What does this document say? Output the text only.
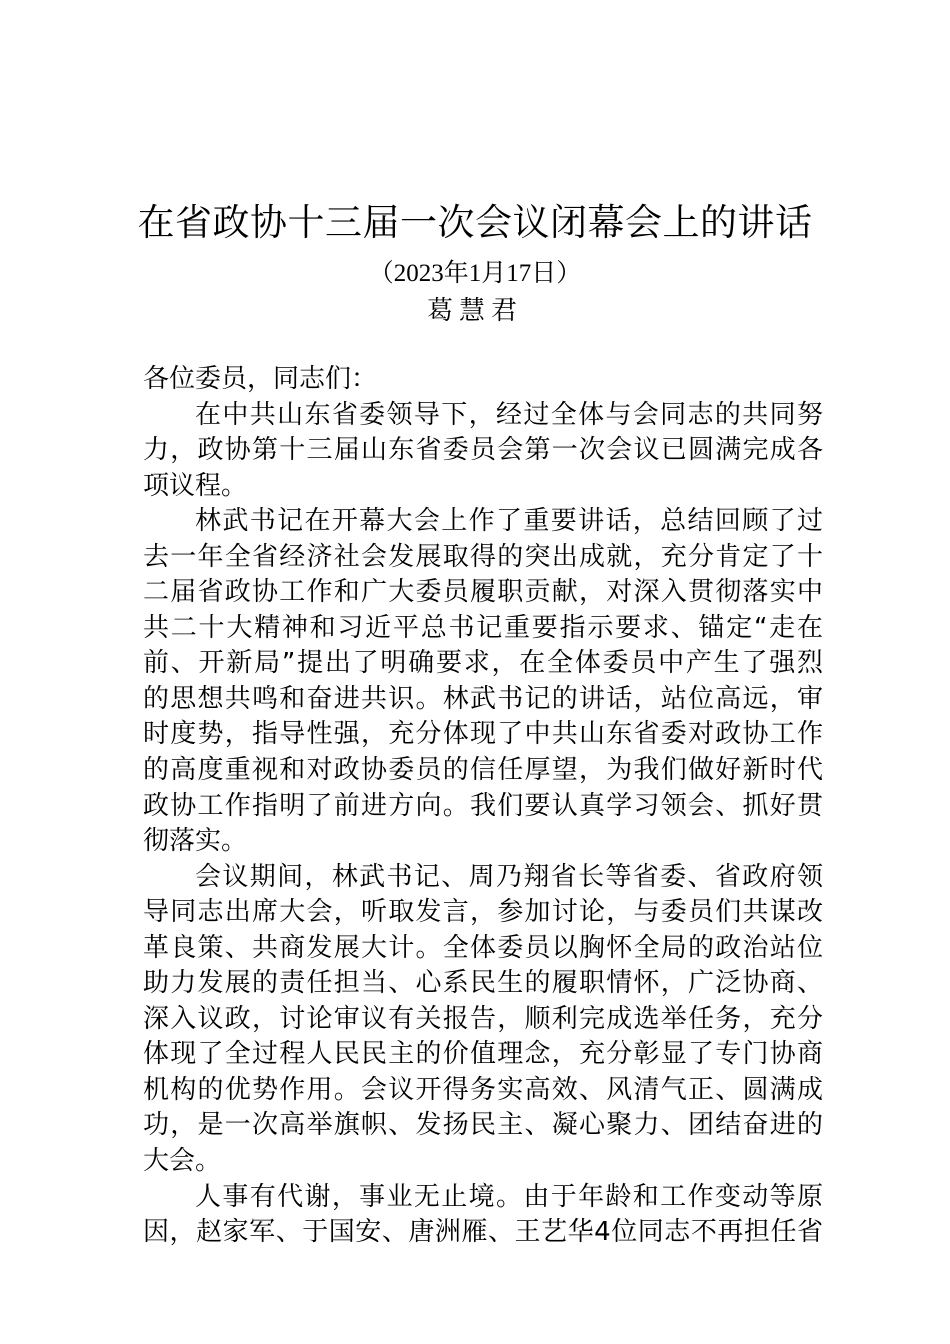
在省政协十三届一次会议闭幕会上的讲话
（2023年1月17日）
葛慧君
各位委员，同志们：
在中共山东省委领导下，经过全体与会同志的共同努
力，政协第十三届山东省委员会第一次会议已圆满完成各
项议程。
林武书记在开幕大会上作了重要讲话，总结回顾了过
去一年全省经济社会发展取得的突出成就，充分肯定了十
二届省政协工作和广大委员履职贡献，对深入贯彻落实中
共二十大精神和习近平总书记重要指示要求、锚定“走在
前、开新局”提出了明确要求，在全体委员中产生了强烈
的思想共鸣和奋进共识。林武书记的讲话，站位高远，审
时度势，指导性强，充分体现了中共山东省委对政协工作
的高度重视和对政协委员的信任厚望，为我们做好新时代
政协工作指明了前进方向。我们要认真学习领会、抓好贯
彻落实。
会议期间，林武书记、周乃翔省长等省委、省政府领
导同志出席大会，听取发言，参加讨论，与委员们共谋改
革良策、共商发展大计。全体委员以胸怀全局的政治站位
助力发展的责任担当、心系民生的履职情怀，广泛协商、
深入议政，讨论审议有关报告，顺利完成选举任务，充分
体现了全过程人民民主的价值理念，充分彰显了专门协商
机构的优势作用。会议开得务实高效、风清气正、圆满成
功，是一次高举旗帜、发扬民主、凝心聚力、团结奋进的
大会。
人事有代谢，事业无止境。由于年龄和工作变动等原
因，赵家军、于国安、唐洲雁、王艺华4位同志不再担任省
